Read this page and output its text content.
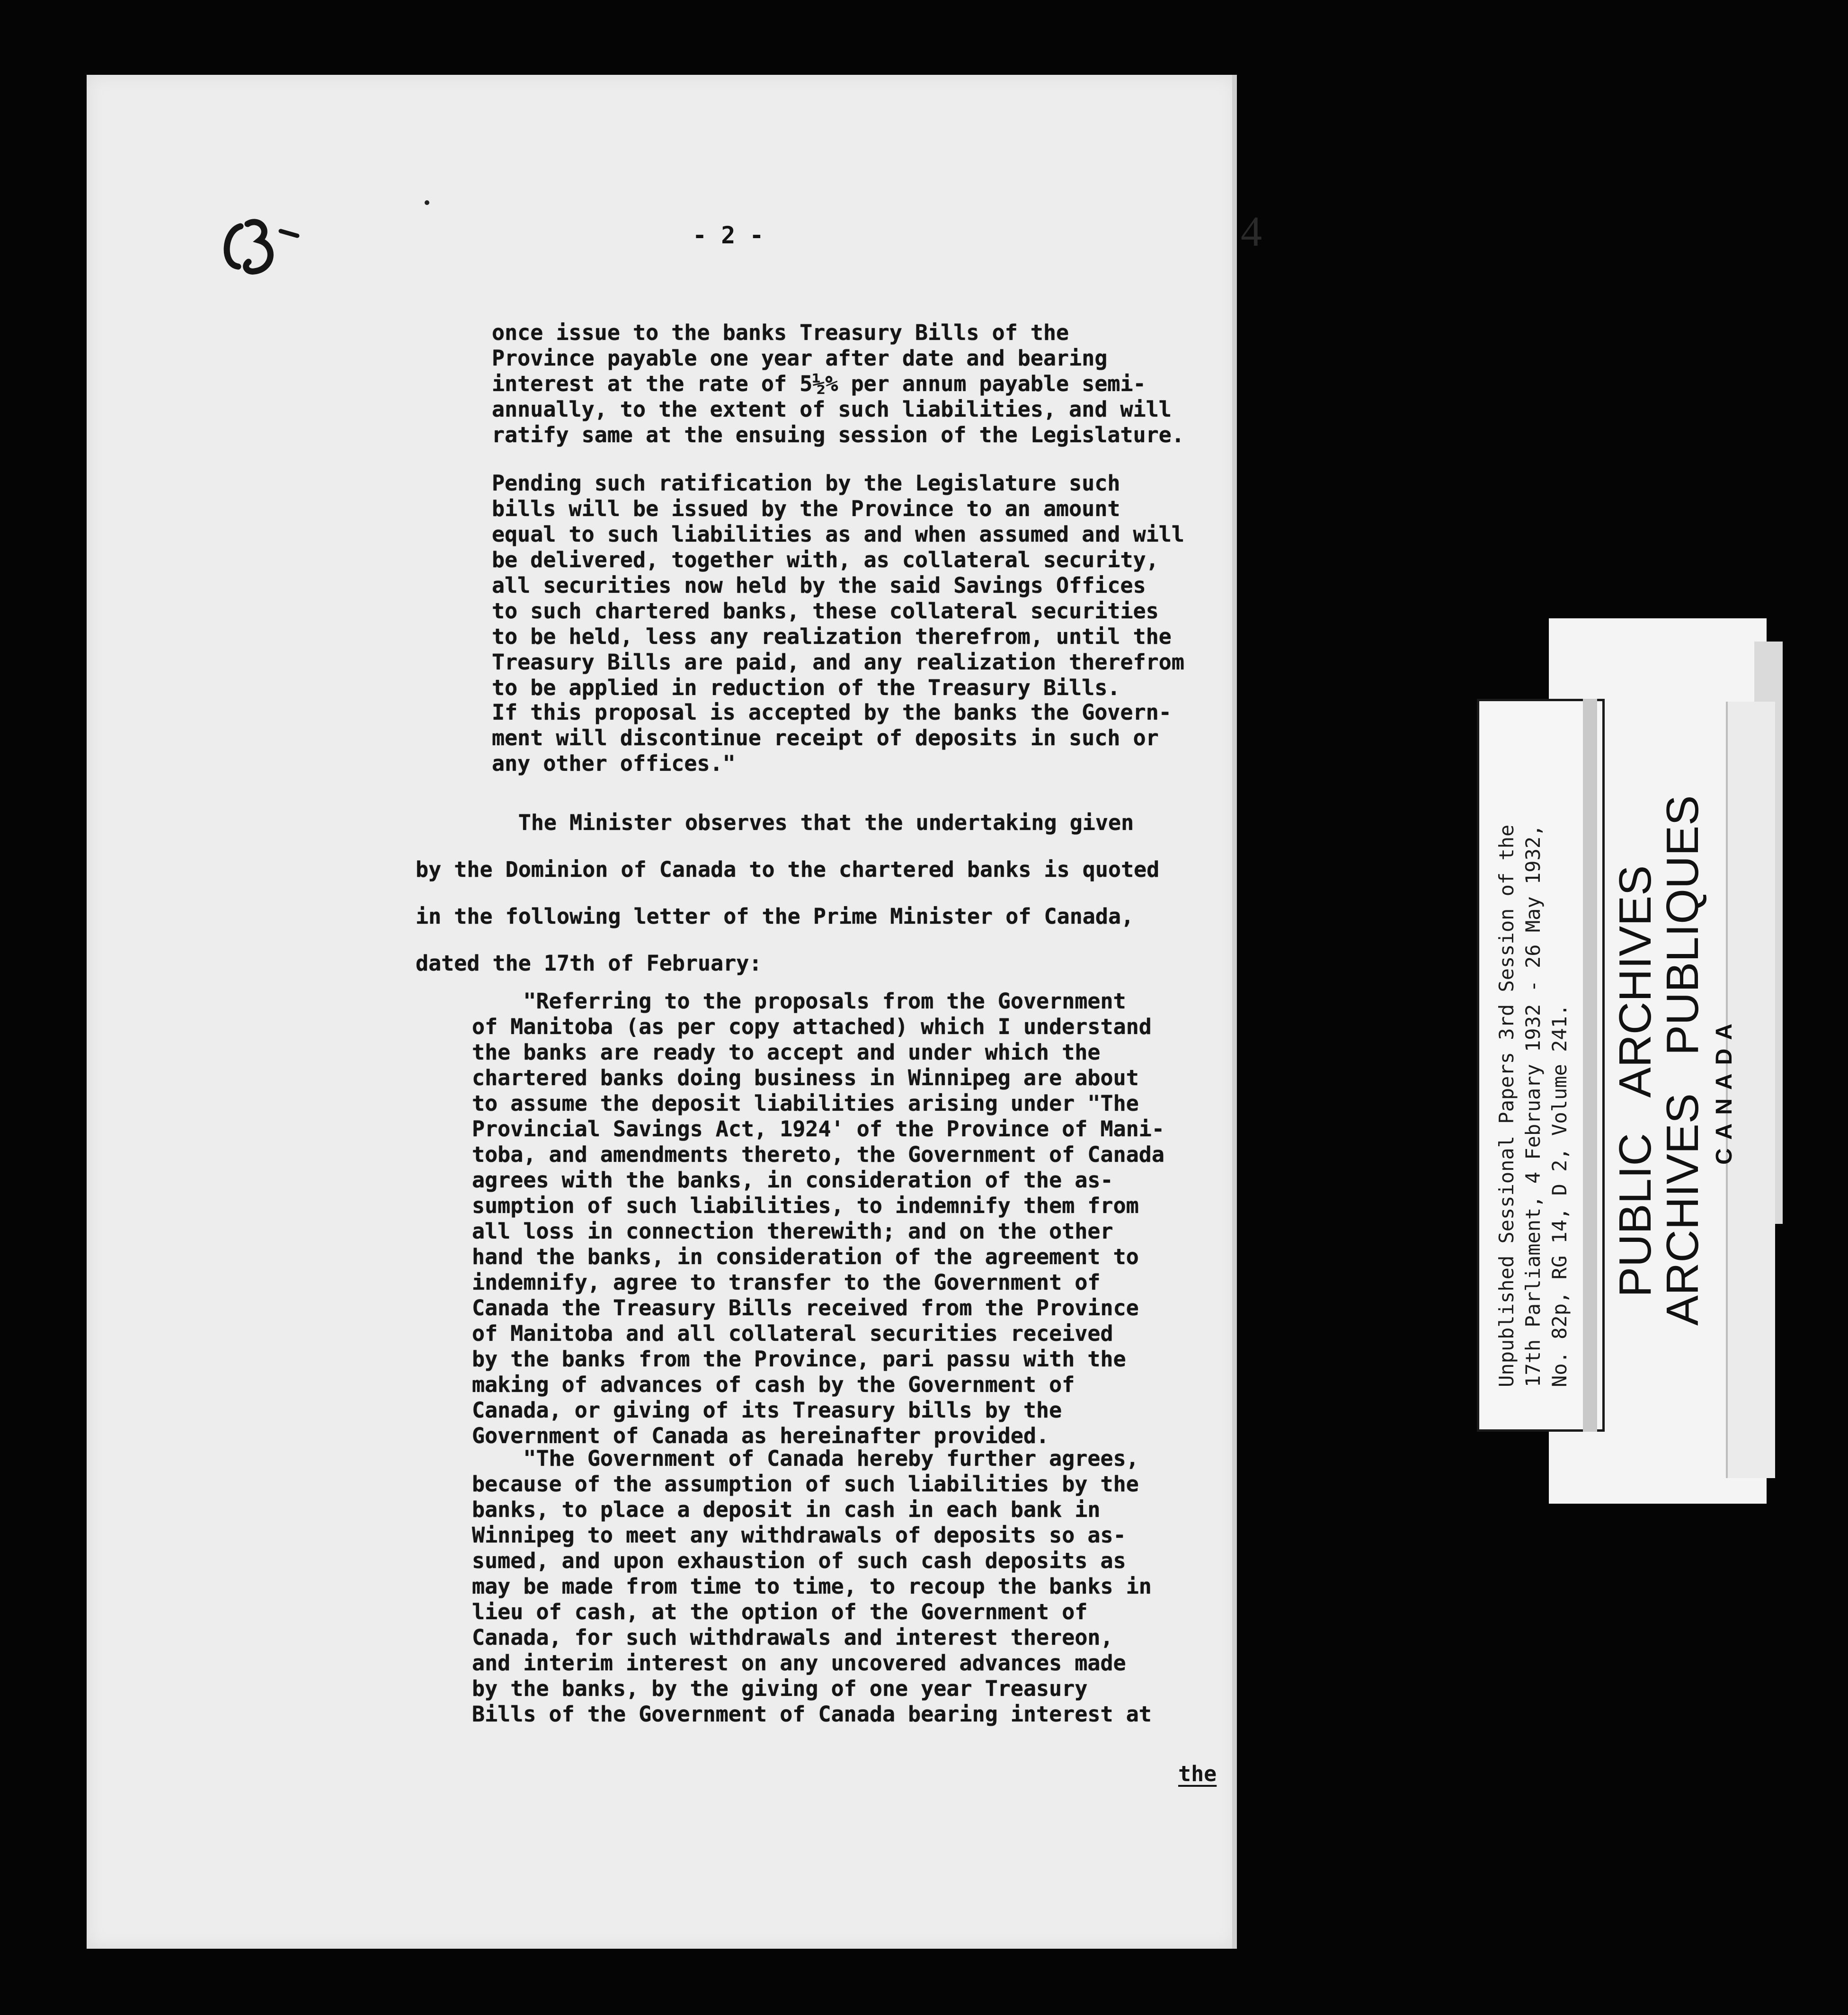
- 2 -	4

once issue to the banks Treasury Bills of the
Province payable one year after date and bearing
interest at the rate of 5½% per annum payable semi-
annually, to the extent of such liabilities, and will
ratify same at the ensuing session of the Legislature.

Pending such ratification by the Legislature such
bills will be issued by the Province to an amount
equal to such liabilities as and when assumed and will
be delivered, together with, as collateral security,
all securities now held by the said Savings Offices
to such chartered banks, these collateral securities
to be held, less any realization therefrom, until the
Treasury Bills are paid, and any realization therefrom
to be applied in reduction of the Treasury Bills.

If this proposal is accepted by the banks the Govern-
ment will discontinue receipt of deposits in such or
any other offices."

The Minister observes that the undertaking given
by the Dominion of Canada to the chartered banks is quoted
in the following letter of the Prime Minister of Canada,
dated the 17th of February:

"Referring to the proposals from the Government
of Manitoba (as per copy attached) which I understand
the banks are ready to accept and under which the
chartered banks doing business in Winnipeg are about
to assume the deposit liabilities arising under "The
Provincial Savings Act, 1924' of the Province of Mani-
toba, and amendments thereto, the Government of Canada
agrees with the banks, in consideration of the as-
sumption of such liabilities, to indemnify them from
all loss in connection therewith; and on the other
hand the banks, in consideration of the agreement to
indemnify, agree to transfer to the Government of
Canada the Treasury Bills received from the Province
of Manitoba and all collateral securities received
by the banks from the Province, pari passu with the
making of advances of cash by the Government of
Canada, or giving of its Treasury bills by the
Government of Canada as hereinafter provided.

"The Government of Canada hereby further agrees,
because of the assumption of such liabilities by the
banks, to place a deposit in cash in each bank in
Winnipeg to meet any withdrawals of deposits so as-
sumed, and upon exhaustion of such cash deposits as
may be made from time to time, to recoup the banks in
lieu of cash, at the option of the Government of
Canada, for such withdrawals and interest thereon,
and interim interest on any uncovered advances made
by the banks, by the giving of one year Treasury
Bills of the Government of Canada bearing interest at

the
Unpublished Sessional Papers 3rd Session of the
17th Parliament, 4 February 1932 - 26 May 1932,
No. 82p, RG 14, D 2, Volume 241. PUBLIC   ARCHIVES
ARCHIVES   PUBLIQUES CANADA
